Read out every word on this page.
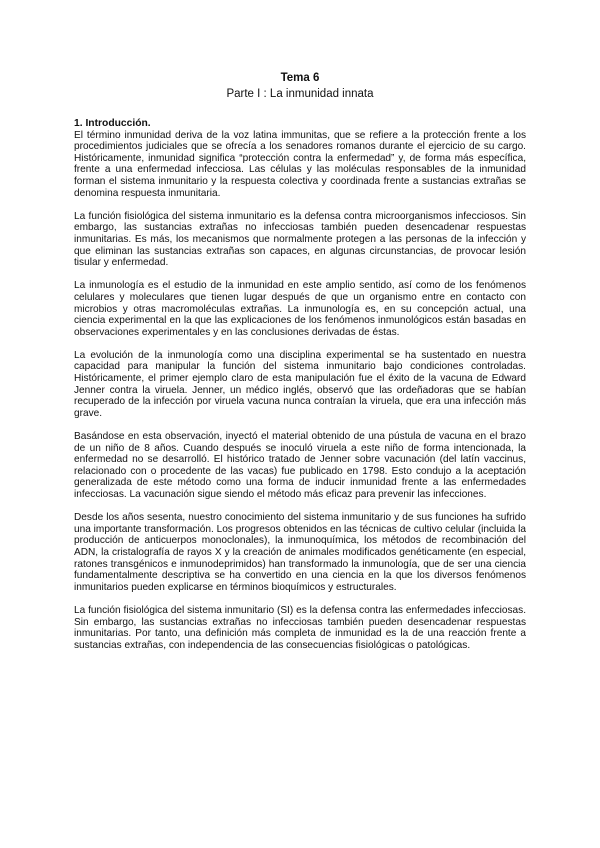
Tema 6

Parte I : La inmunidad innata

1. Introducción.

El término inmunidad deriva de la voz latina immunitas, que se refiere a la protección frente a los procedimientos judiciales que se ofrecía a los senadores romanos durante el ejercicio de su cargo. Históricamente, inmunidad significa “protección contra la enfermedad” y, de forma más específica, frente a una enfermedad infecciosa. Las células y las moléculas responsables de la inmunidad forman el sistema inmunitario y la respuesta colectiva y coordinada frente a sustancias extrañas se denomina respuesta inmunitaria.

La función fisiológica del sistema inmunitario es la defensa contra microorganismos infecciosos. Sin embargo, las sustancias extrañas no infecciosas también pueden desencadenar respuestas inmunitarias. Es más, los mecanismos que normalmente protegen a las personas de la infección y que eliminan las sustancias extrañas son capaces, en algunas circunstancias, de provocar lesión tisular y enfermedad.

La inmunología es el estudio de la inmunidad en este amplio sentido, así como de los fenómenos celulares y moleculares que tienen lugar después de que un organismo entre en contacto con microbios y otras macromoléculas extrañas. La inmunología es, en su concepción actual, una ciencia experimental en la que las explicaciones de los fenómenos inmunológicos están basadas en observaciones experimentales y en las conclusiones derivadas de éstas.

La evolución de la inmunología como una disciplina experimental se ha sustentado en nuestra capacidad para manipular la función del sistema inmunitario bajo condiciones controladas. Históricamente, el primer ejemplo claro de esta manipulación fue el éxito de la vacuna de Edward Jenner contra la viruela. Jenner, un médico inglés, observó que las ordeñadoras que se habían recuperado de la infección por viruela vacuna nunca contraían la viruela, que era una infección más grave.

Basándose en esta observación, inyectó el material obtenido de una pústula de vacuna en el brazo de un niño de 8 años. Cuando después se inoculó viruela a este niño de forma intencionada, la enfermedad no se desarrolló. El histórico tratado de Jenner sobre vacunación (del latín vaccinus, relacionado con o procedente de las vacas) fue publicado en 1798. Esto condujo a la aceptación generalizada de este método como una forma de inducir inmunidad frente a las enfermedades infecciosas. La vacunación sigue siendo el método más eficaz para prevenir las infecciones.

Desde los años sesenta, nuestro conocimiento del sistema inmunitario y de sus funciones ha sufrido una importante transformación. Los progresos obtenidos en las técnicas de cultivo celular (incluida la producción de anticuerpos monoclonales), la inmunoquímica, los métodos de recombinación del ADN, la cristalografía de rayos X y la creación de animales modificados genéticamente (en especial, ratones transgénicos e inmunodeprimidos) han transformado la inmunología, que de ser una ciencia fundamentalmente descriptiva se ha convertido en una ciencia en la que los diversos fenómenos inmunitarios pueden explicarse en términos bioquímicos y estructurales.

La función fisiológica del sistema inmunitario (SI) es la defensa contra las enfermedades infecciosas. Sin embargo, las sustancias extrañas no infecciosas también pueden desencadenar respuestas inmunitarias. Por tanto, una definición más completa de inmunidad es la de una reacción frente a sustancias extrañas, con independencia de las consecuencias fisiológicas o patológicas.
